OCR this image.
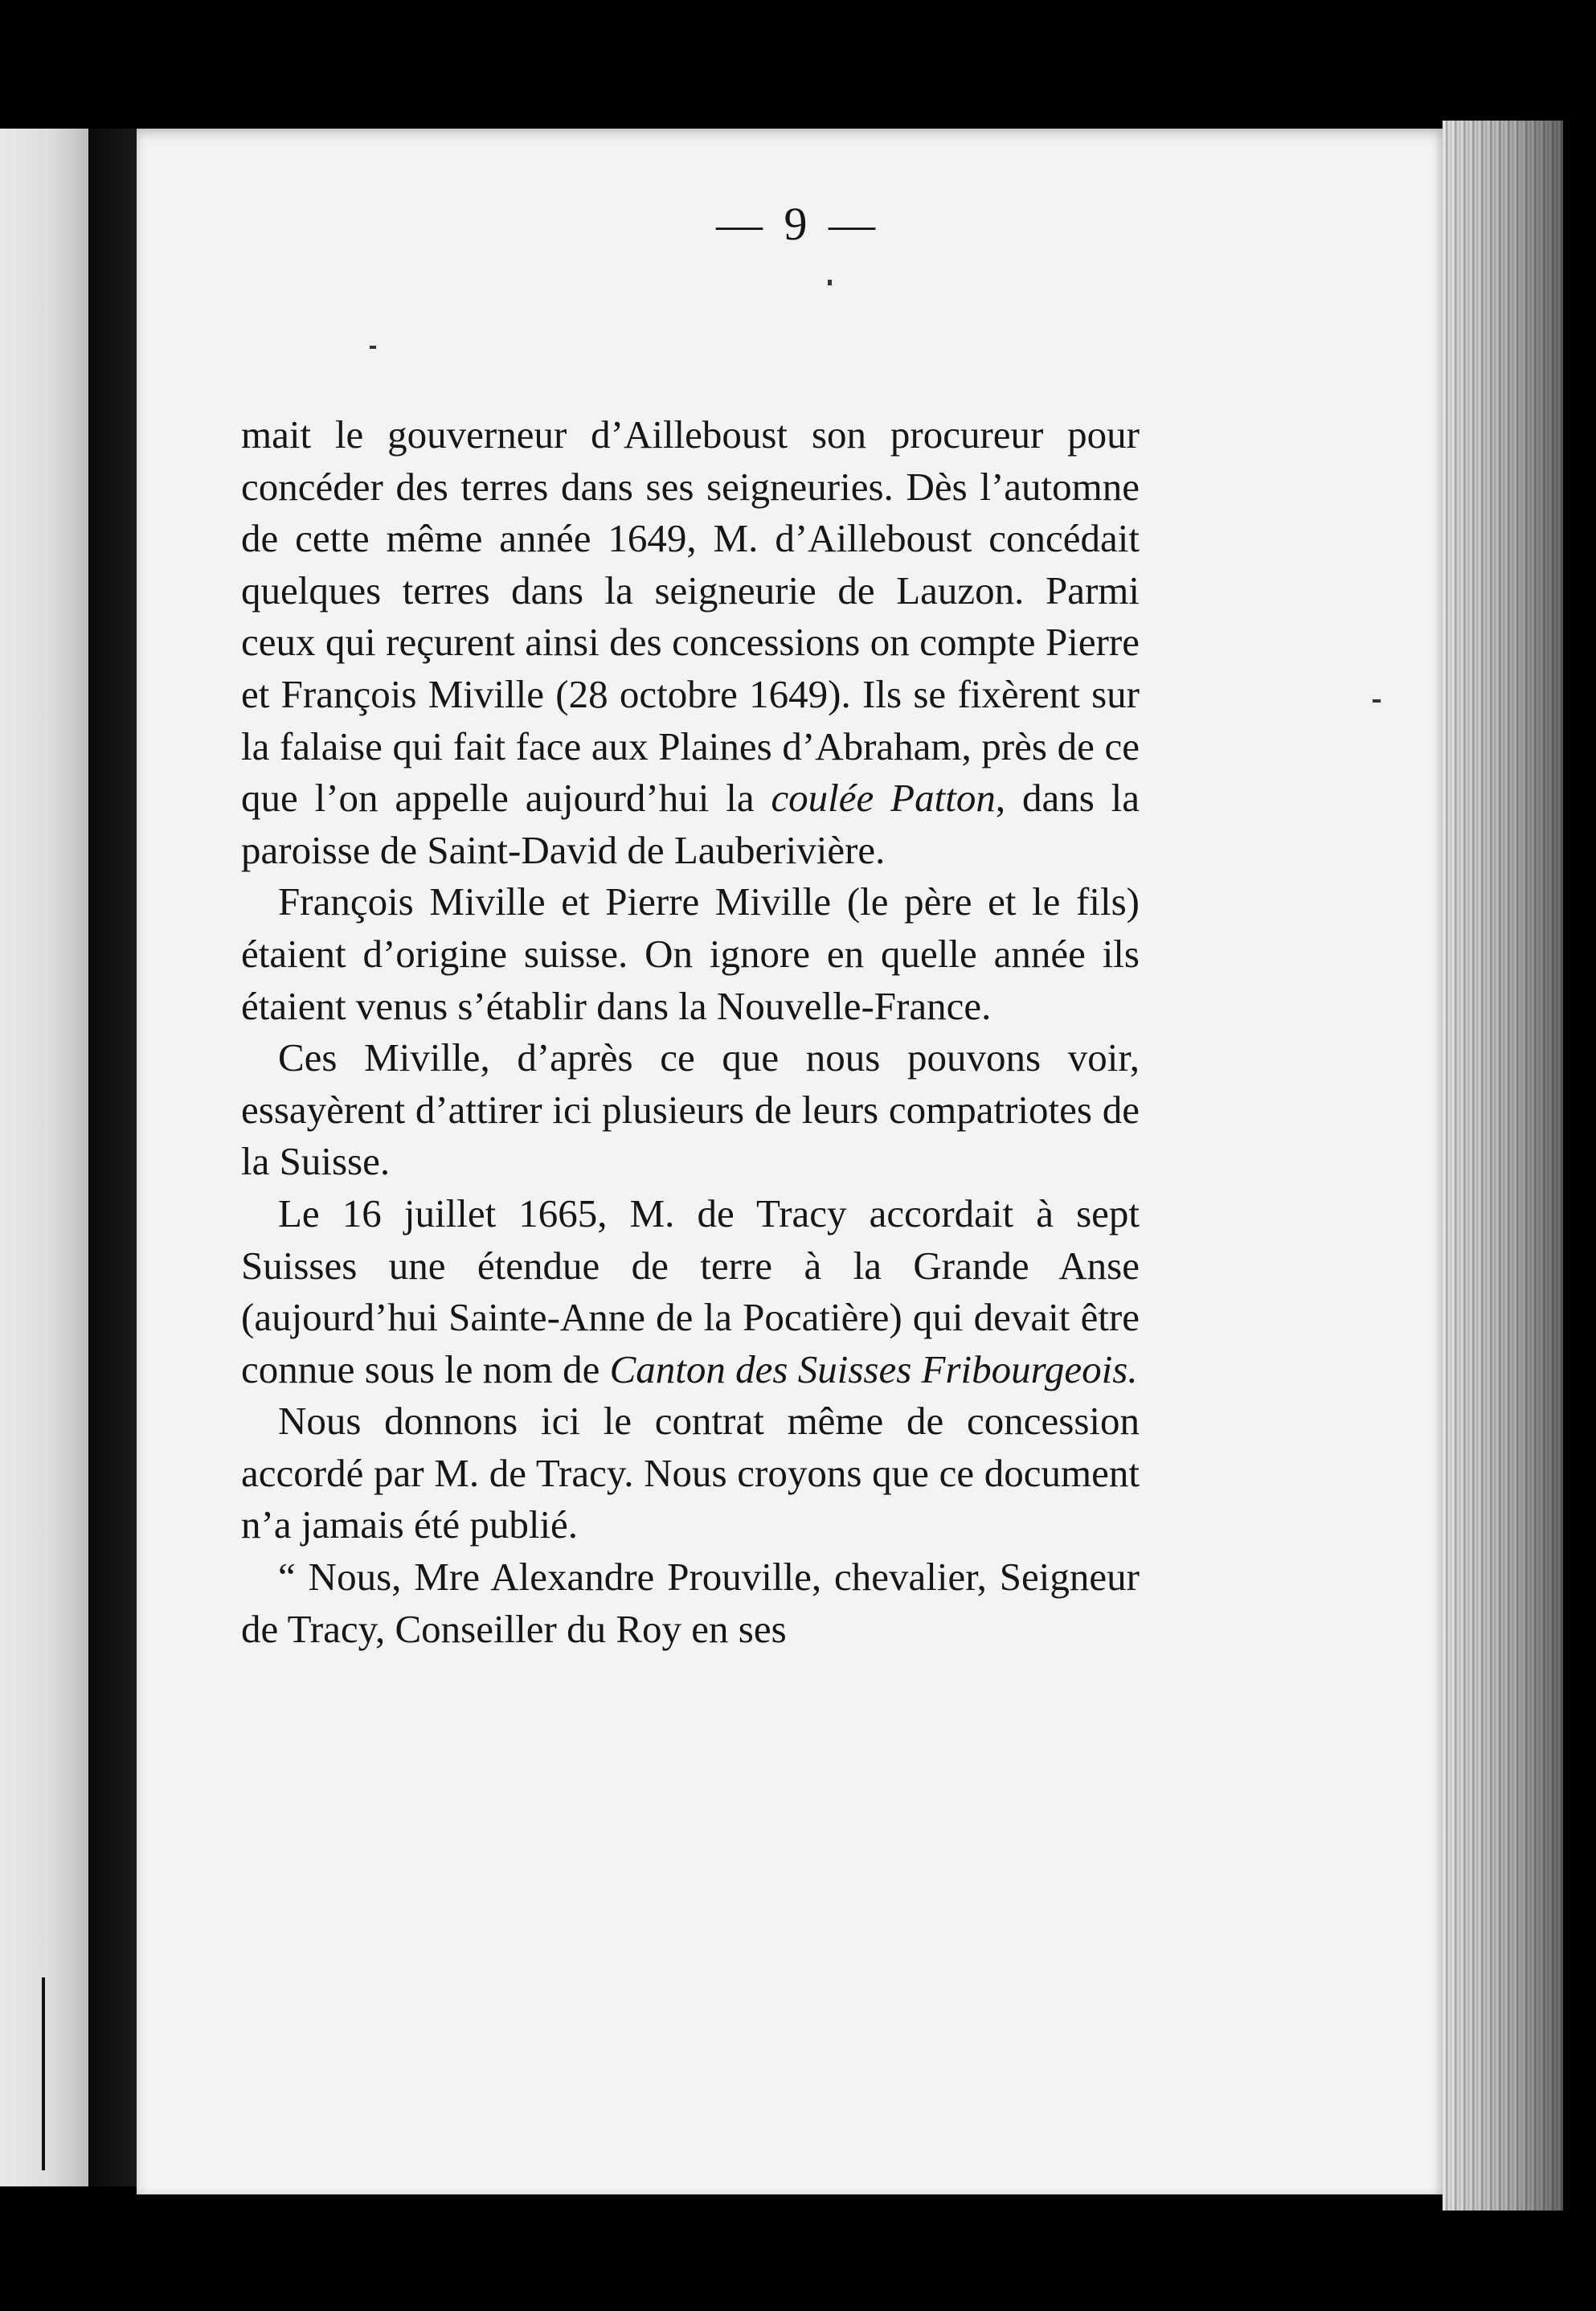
— 9 —

mait le gouverneur d’Ailleboust son procureur pour concéder des terres dans ses seigneuries. Dès l’automne de cette même année 1649, M. d’Ailleboust concédait quelques terres dans la seigneurie de Lauzon. Parmi ceux qui reçurent ainsi des concessions on compte Pierre et François Miville (28 octobre 1649). Ils se fixèrent sur la falaise qui fait face aux Plaines d’Abraham, près de ce que l’on appelle aujourd’hui la coulée Patton, dans la paroisse de Saint-David de Lauberivière.

François Miville et Pierre Miville (le père et le fils) étaient d’origine suisse. On ignore en quelle année ils étaient venus s’établir dans la Nouvelle-France.

Ces Miville, d’après ce que nous pouvons voir, essayèrent d’attirer ici plusieurs de leurs compatriotes de la Suisse.

Le 16 juillet 1665, M. de Tracy accordait à sept Suisses une étendue de terre à la Grande Anse (aujourd’hui Sainte-Anne de la Pocatière) qui devait être connue sous le nom de Canton des Suisses Fribourgeois.

Nous donnons ici le contrat même de concession accordé par M. de Tracy. Nous croyons que ce document n’a jamais été publié.

“ Nous, Mre Alexandre Prouville, chevalier, Seigneur de Tracy, Conseiller du Roy en ses
